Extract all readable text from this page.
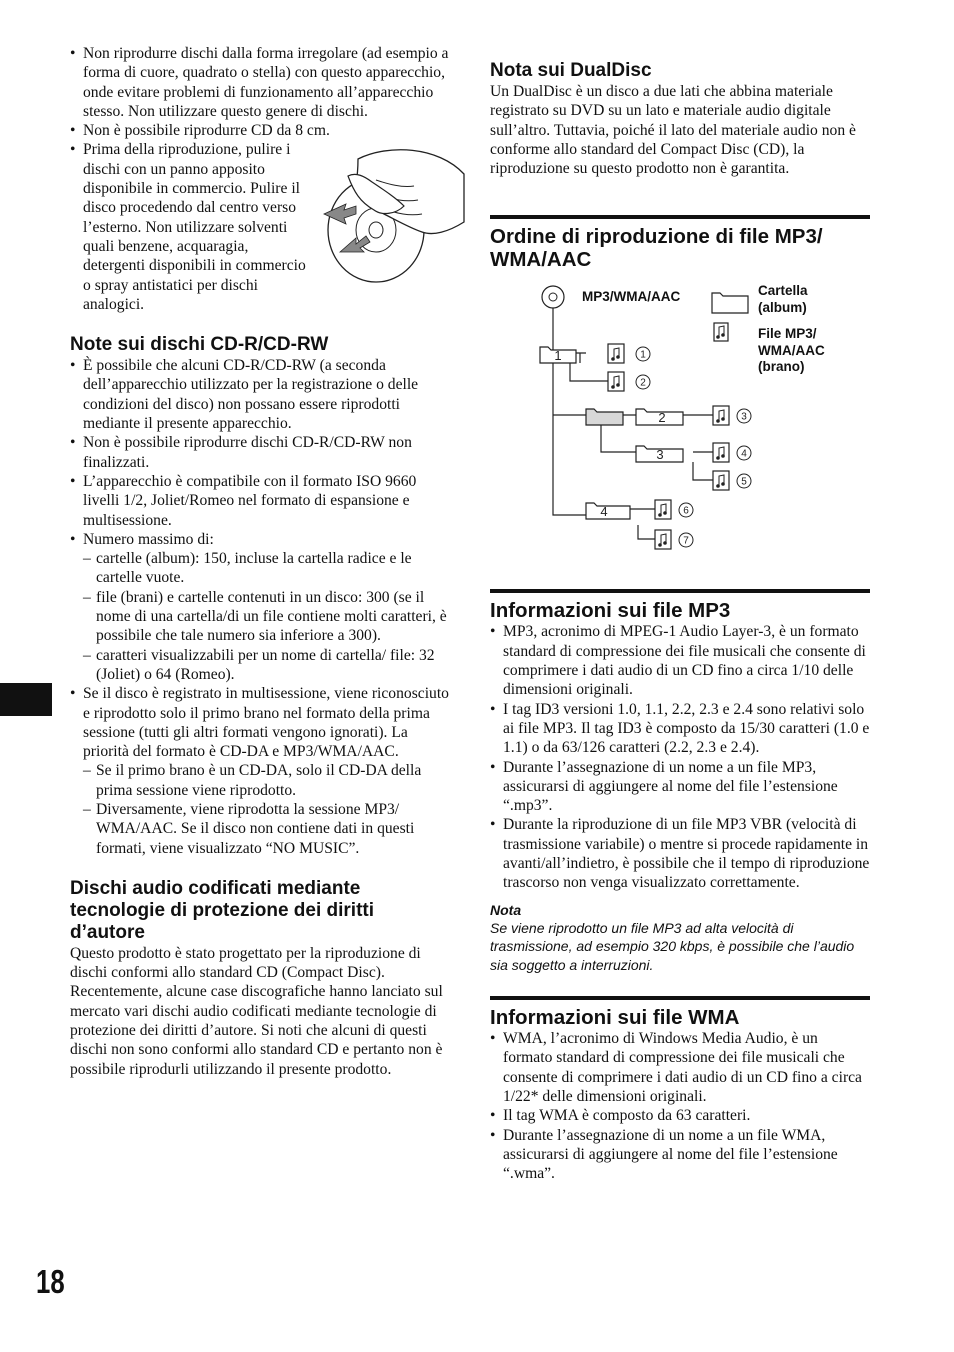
• Non riprodurre dischi dalla forma irregolare (ad esempio a forma di cuore, quadrato o stella) con questo apparecchio, onde evitare problemi di funzionamento all’apparecchio stesso. Non utilizzare questo genere di dischi.
• Non è possibile riprodurre CD da 8 cm.
• Prima della riproduzione, pulire i dischi con un panno apposito disponibile in commercio. Pulire il disco procedendo dal centro verso l’esterno. Non utilizzare solventi quali benzene, acquaragia, detergenti disponibili in commercio o spray antistatici per dischi analogici.
Note sui dischi CD-R/CD-RW
• È possibile che alcuni CD-R/CD-RW (a seconda dell’apparecchio utilizzato per la registrazione o delle condizioni del disco) non possano essere riprodotti mediante il presente apparecchio.
• Non è possibile riprodurre dischi CD-R/CD-RW non finalizzati.
• L’apparecchio è compatibile con il formato ISO 9660 livelli 1/2, Joliet/Romeo nel formato di espansione e multisessione.
• Numero massimo di:
– cartelle (album): 150, incluse la cartella radice e le cartelle vuote.
– file (brani) e cartelle contenuti in un disco: 300 (se il nome di una cartella/di un file contiene molti caratteri, è possibile che tale numero sia inferiore a 300).
– caratteri visualizzabili per un nome di cartella/ file: 32 (Joliet) o 64 (Romeo).
• Se il disco è registrato in multisessione, viene riconosciuto e riprodotto solo il primo brano nel formato della prima sessione (tutti gli altri formati vengono ignorati). La priorità del formato è CD-DA e MP3/WMA/AAC.
– Se il primo brano è un CD-DA, solo il CD-DA della prima sessione viene riprodotto.
– Diversamente, viene riprodotta la sessione MP3/ WMA/AAC. Se il disco non contiene dati in questi formati, viene visualizzato “NO MUSIC”.
Dischi audio codificati mediante tecnologie di protezione dei diritti d’autore

Questo prodotto è stato progettato per la riproduzione di dischi conformi allo standard CD (Compact Disc).

Recentemente, alcune case discografiche hanno lanciato sul mercato vari dischi audio codificati mediante tecnologie di protezione dei diritti d’autore. Si noti che alcuni di questi dischi non sono conformi allo standard CD e pertanto non è possibile riprodurli utilizzando il presente prodotto.

Nota sui DualDisc

Un DualDisc è un disco a due lati che abbina materiale registrato su DVD su un lato e materiale audio digitale sull’altro. Tuttavia, poiché il lato del materiale audio non è conforme allo standard del Compact Disc (CD), la riproduzione su questo prodotto non è garantita.

Ordine di riproduzione di file MP3/ WMA/AAC
1
2
3
4
1
2
3
4
5
6
7
MP3/WMA/AAC	Cartella (album)
File MP3/ WMA/AAC (brano)
Informazioni sui file MP3
• MP3, acronimo di MPEG-1 Audio Layer-3, è un formato standard di compressione dei file musicali che consente di comprimere i dati audio di un CD fino a circa 1/10 delle dimensioni originali.
• I tag ID3 versioni 1.0, 1.1, 2.2, 2.3 e 2.4 sono relativi solo ai file MP3. Il tag ID3 è composto da 15/30 caratteri (1.0 e 1.1) o da 63/126 caratteri (2.2, 2.3 e 2.4).
• Durante l’assegnazione di un nome a un file MP3, assicurarsi di aggiungere al nome del file l’estensione “.mp3”.
• Durante la riproduzione di un file MP3 VBR (velocità di trasmissione variabile) o mentre si procede rapidamente in avanti/all’indietro, è possibile che il tempo di riproduzione trascorso non venga visualizzato correttamente.
Nota
Se viene riprodotto un file MP3 ad alta velocità di trasmissione, ad esempio 320 kbps, è possibile che l’audio sia soggetto a interruzioni.
Informazioni sui file WMA
• WMA, l’acronimo di Windows Media Audio, è un formato standard di compressione dei file musicali che consente di comprimere i dati audio di un CD fino a circa 1/22* delle dimensioni originali.
• Il tag WMA è composto da 63 caratteri.
• Durante l’assegnazione di un nome a un file WMA, assicurarsi di aggiungere al nome del file l’estensione “.wma”.
18
